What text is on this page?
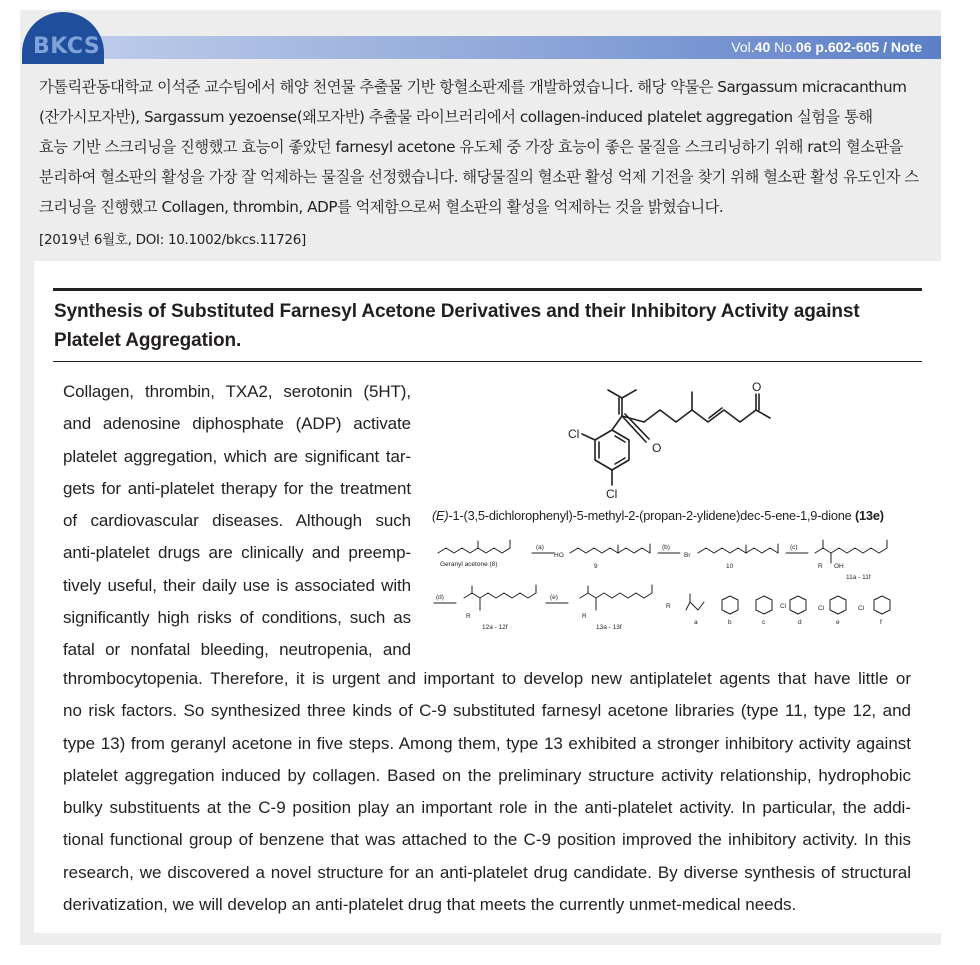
BKCS	Vol.40 No.06 p.602-605 / Note

가톨릭관동대학교 이석준 교수팀에서 해양 천연물 추출물 기반 항혈소판제를 개발하였습니다. 해당 약물은 Sargassum micracanthum

(잔가시모자반), Sargassum yezoense(왜모자반) 추출물 라이브러리에서 collagen-induced platelet aggregation 실험을 통해

효능 기반 스크리닝을 진행했고 효능이 좋았던 farnesyl acetone 유도체 중 가장 효능이 좋은 물질을 스크리닝하기 위해 rat의 혈소판을

분리하여 혈소판의 활성을 가장 잘 억제하는 물질을 선정했습니다. 해당물질의 혈소판 활성 억제 기전을 찾기 위해 혈소판 활성 유도인자 스

크리닝을 진행했고 Collagen, thrombin, ADP를 억제함으로써 혈소판의 활성을 억제하는 것을 밝혔습니다.

[2019년 6월호, DOI: 10.1002/bkcs.11726]
Synthesis of Substituted Farnesyl Acetone Derivatives and their Inhibitory Activity against
Platelet Aggregation.
Collagen, thrombin, TXA2, serotonin (5HT),
and adenosine diphosphate (ADP) activate
platelet aggregation, which are significant tar-
gets for anti-platelet therapy for the treatment
of cardiovascular diseases. Although such
anti-platelet drugs are clinically and preemp-
tively useful, their daily use is associated with
significantly high risks of conditions, such as
fatal or nonfatal bleeding, neutropenia, and
thrombocytopenia. Therefore, it is urgent and important to develop new antiplatelet agents that have little or
no risk factors. So synthesized three kinds of C-9 substituted farnesyl acetone libraries (type 11, type 12, and
type 13) from geranyl acetone in five steps. Among them, type 13 exhibited a stronger inhibitory activity against
platelet aggregation induced by collagen. Based on the preliminary structure activity relationship, hydrophobic
bulky substituents at the C-9 position play an important role in the anti-platelet activity. In particular, the addi-
tional functional group of benzene that was attached to the C-9 position improved the inhibitory activity. In this
research, we discovered a novel structure for an anti-platelet drug candidate. By diverse synthesis of structural
derivatization, we will develop an anti-platelet drug that meets the currently unmet-medical needs.
Cl
Cl
O
O
Geranyl acetone (8)
(a)
HO
9
(b)
Br
10
(c)
R OH
11a - 11f
(d)
R
12a - 12f
(e)
R
13a - 13f
R
a	b	c	d	e	f
Cl	Cl	Cl
(E)-1-(3,5-dichlorophenyl)-5-methyl-2-(propan-2-ylidene)dec-5-ene-1,9-dione (13e)
